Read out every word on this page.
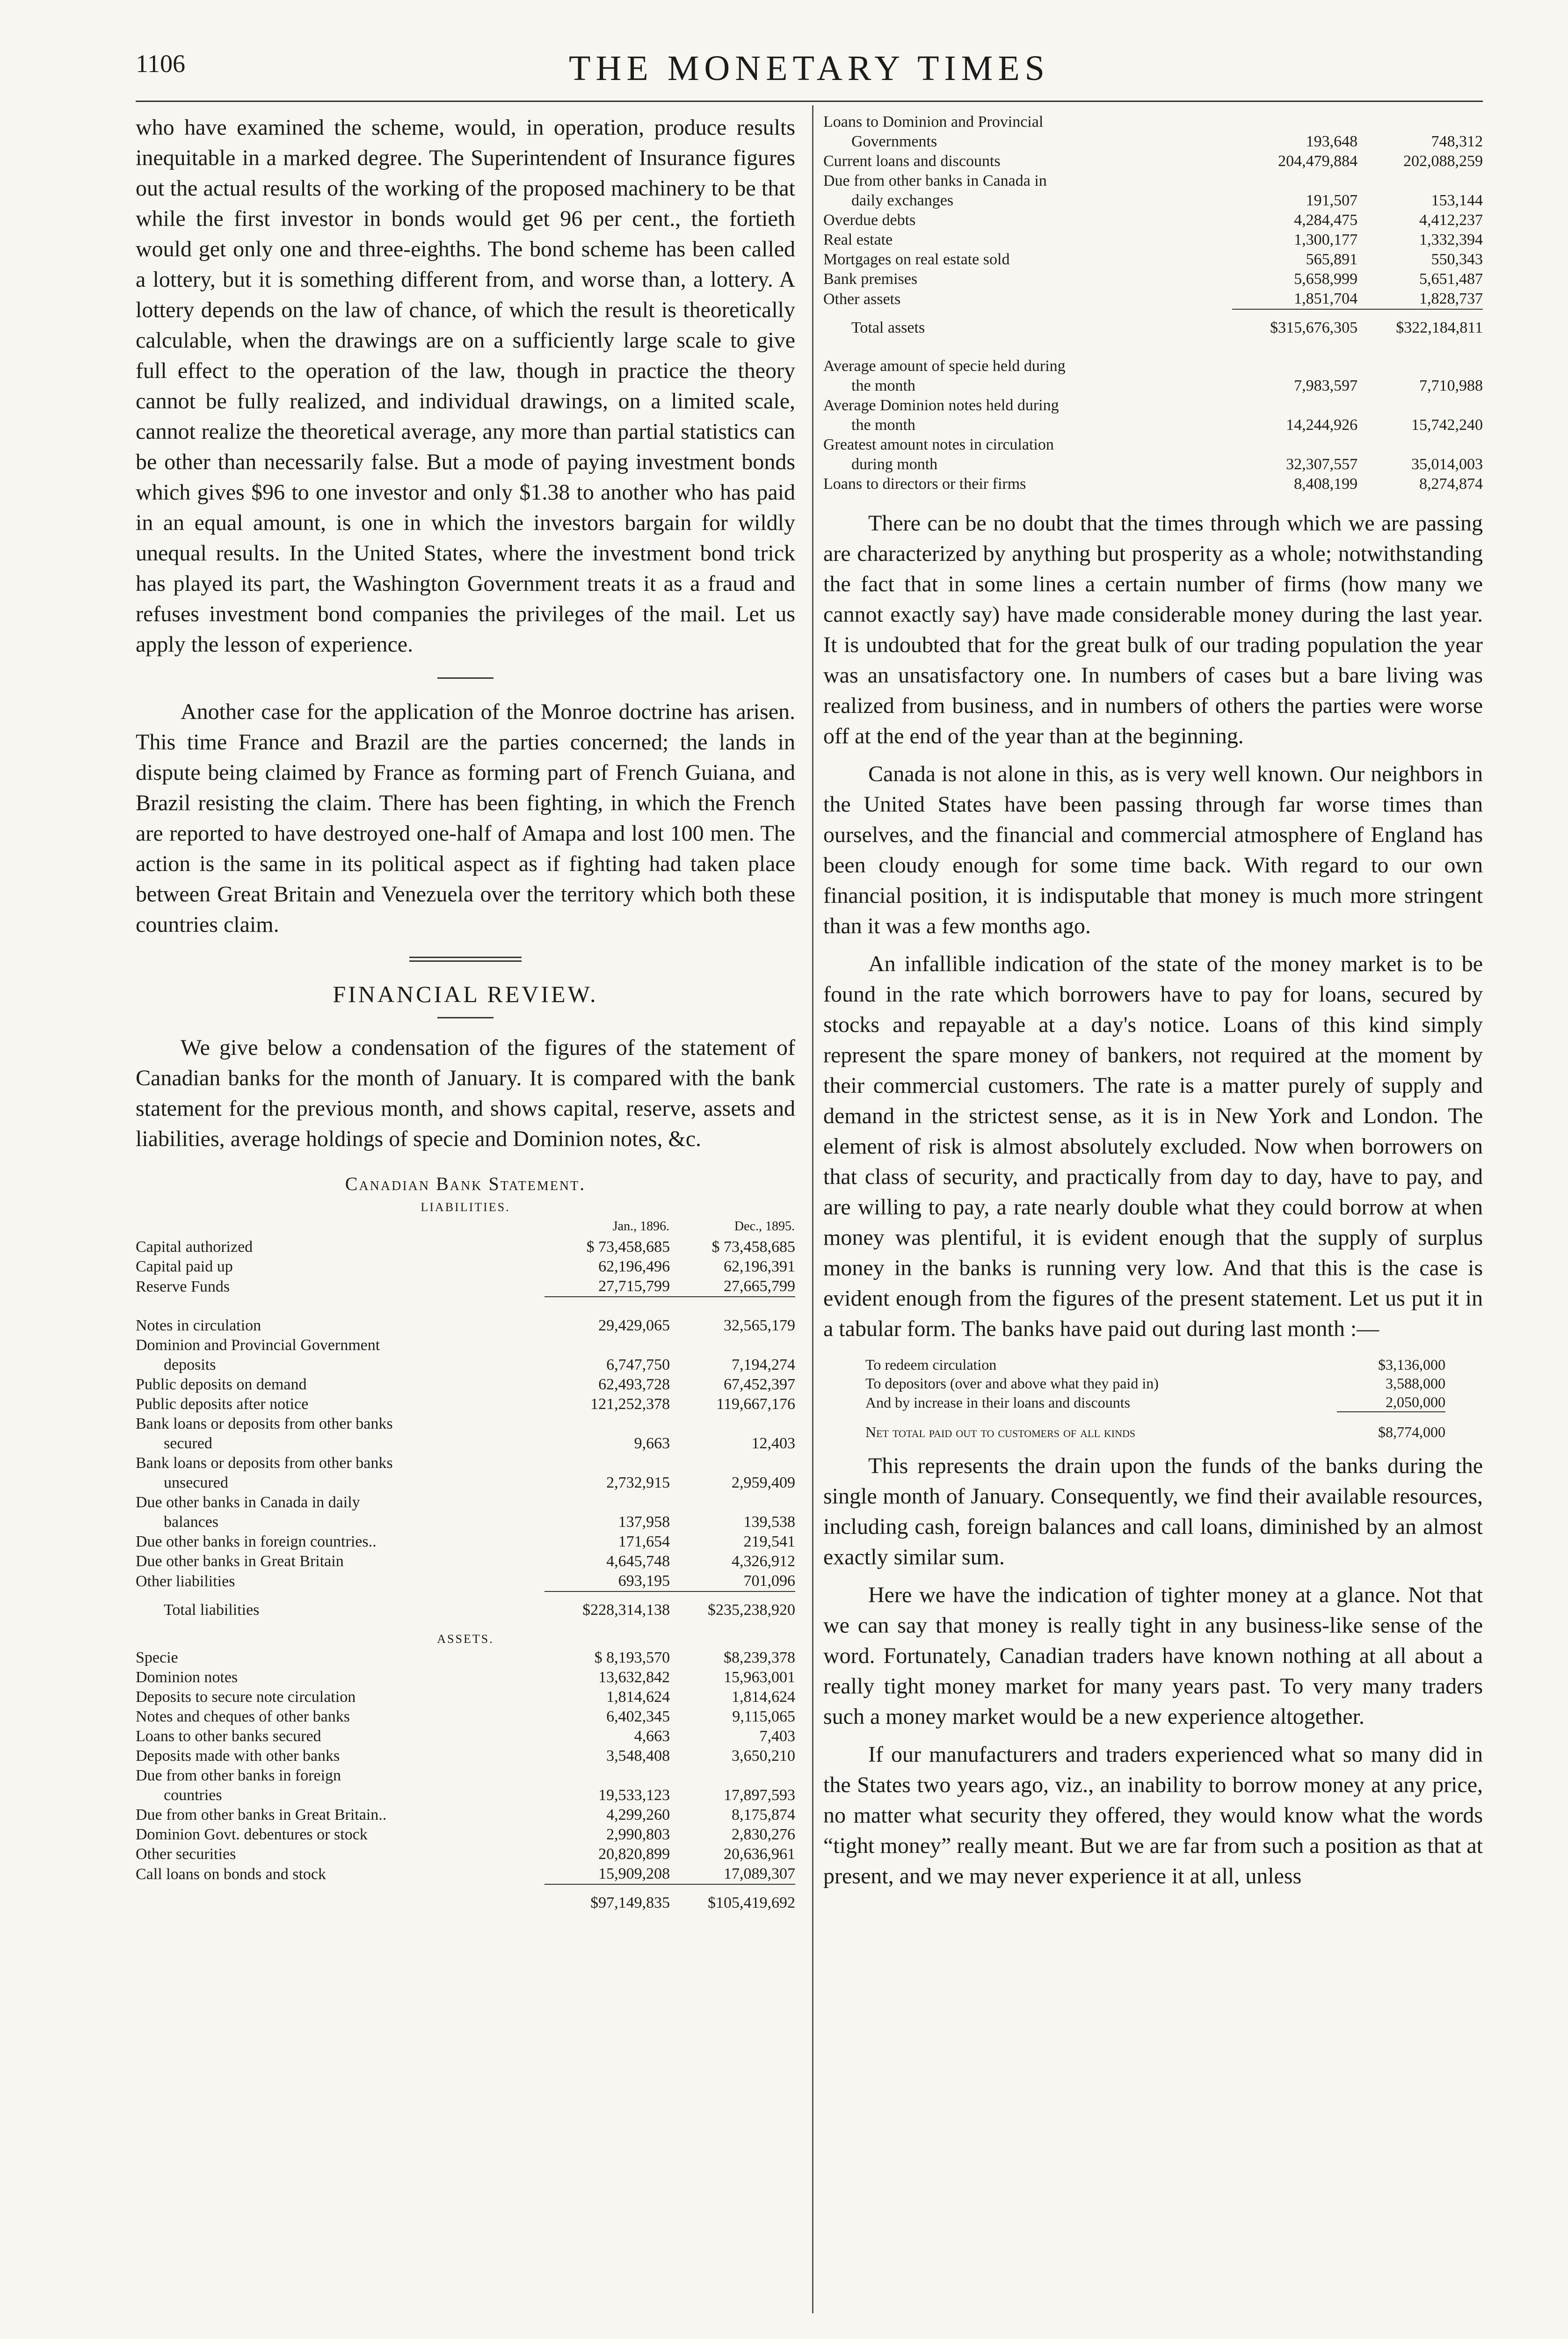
1106	THE MONETARY TIMES

who have examined the scheme, would, in operation, produce results inequitable in a marked degree. The Superintendent of Insurance figures out the actual results of the working of the proposed machinery to be that while the first investor in bonds would get 96 per cent., the fortieth would get only one and three-eighths. The bond scheme has been called a lottery, but it is something different from, and worse than, a lottery. A lottery depends on the law of chance, of which the result is theoretically calculable, when the drawings are on a sufficiently large scale to give full effect to the operation of the law, though in practice the theory cannot be fully realized, and individual drawings, on a limited scale, cannot realize the theoretical average, any more than partial statistics can be other than necessarily false. But a mode of paying investment bonds which gives $96 to one investor and only $1.38 to another who has paid in an equal amount, is one in which the investors bargain for wildly unequal results. In the United States, where the investment bond trick has played its part, the Washington Government treats it as a fraud and refuses investment bond companies the privileges of the mail. Let us apply the lesson of experience.

Another case for the application of the Monroe doctrine has arisen. This time France and Brazil are the parties concerned; the lands in dispute being claimed by France as forming part of French Guiana, and Brazil resisting the claim. There has been fighting, in which the French are reported to have destroyed one-half of Amapa and lost 100 men. The action is the same in its political aspect as if fighting had taken place between Great Britain and Venezuela over the territory which both these countries claim.

FINANCIAL REVIEW.

We give below a condensation of the figures of the statement of Canadian banks for the month of January. It is compared with the bank statement for the previous month, and shows capital, reserve, assets and liabilities, average holdings of specie and Dominion notes, &c.

Canadian Bank Statement.
LIABILITIES.
	Jan., 1896.	Dec., 1895.
Capital authorized	$ 73,458,685	$ 73,458,685
Capital paid up	62,196,496	62,196,391
Reserve Funds	27,715,799	27,665,799

Notes in circulation	29,429,065	32,565,179
Dominion and Provincial Government		
deposits	6,747,750	7,194,274
Public deposits on demand	62,493,728	67,452,397
Public deposits after notice	121,252,378	119,667,176
Bank loans or deposits from other banks		
secured	9,663	12,403
Bank loans or deposits from other banks		
unsecured	2,732,915	2,959,409
Due other banks in Canada in daily		
balances	137,958	139,538
Due other banks in foreign countries..	171,654	219,541
Due other banks in Great Britain	4,645,748	4,326,912
Other liabilities	693,195	701,096
Total liabilities	$228,314,138	$235,238,920
ASSETS.
Specie	$ 8,193,570	$8,239,378
Dominion notes	13,632,842	15,963,001
Deposits to secure note circulation	1,814,624	1,814,624
Notes and cheques of other banks	6,402,345	9,115,065
Loans to other banks secured	4,663	7,403
Deposits made with other banks	3,548,408	3,650,210
Due from other banks in foreign		
countries	19,533,123	17,897,593
Due from other banks in Great Britain..	4,299,260	8,175,874
Dominion Govt. debentures or stock	2,990,803	2,830,276
Other securities	20,820,899	20,636,961
Call loans on bonds and stock	15,909,208	17,089,307
	$97,149,835	$105,419,692
Loans to Dominion and Provincial		
Governments	193,648	748,312
Current loans and discounts	204,479,884	202,088,259
Due from other banks in Canada in		
daily exchanges	191,507	153,144
Overdue debts	4,284,475	4,412,237
Real estate	1,300,177	1,332,394
Mortgages on real estate sold	565,891	550,343
Bank premises	5,658,999	5,651,487
Other assets	1,851,704	1,828,737
Total assets	$315,676,305	$322,184,811

Average amount of specie held during		
the month	7,983,597	7,710,988
Average Dominion notes held during		
the month	14,244,926	15,742,240
Greatest amount notes in circulation		
during month	32,307,557	35,014,003
Loans to directors or their firms	8,408,199	8,274,874

There can be no doubt that the times through which we are passing are characterized by anything but prosperity as a whole; notwithstanding the fact that in some lines a certain number of firms (how many we cannot exactly say) have made considerable money during the last year. It is undoubted that for the great bulk of our trading population the year was an unsatisfactory one. In numbers of cases but a bare living was realized from business, and in numbers of others the parties were worse off at the end of the year than at the beginning.

Canada is not alone in this, as is very well known. Our neighbors in the United States have been passing through far worse times than ourselves, and the financial and commercial atmosphere of England has been cloudy enough for some time back. With regard to our own financial position, it is indisputable that money is much more stringent than it was a few months ago.

An infallible indication of the state of the money market is to be found in the rate which borrowers have to pay for loans, secured by stocks and repayable at a day's notice. Loans of this kind simply represent the spare money of bankers, not required at the moment by their commercial customers. The rate is a matter purely of supply and demand in the strictest sense, as it is in New York and London. The element of risk is almost absolutely excluded. Now when borrowers on that class of security, and practically from day to day, have to pay, and are willing to pay, a rate nearly double what they could borrow at when money was plentiful, it is evident enough that the supply of surplus money in the banks is running very low. And that this is the case is evident enough from the figures of the present statement. Let us put it in a tabular form. The banks have paid out during last month :—

To redeem circulation	$3,136,000
To depositors (over and above what they paid in)	3,588,000
And by increase in their loans and discounts	2,050,000
Net total paid out to customers of all kinds	$8,774,000

This represents the drain upon the funds of the banks during the single month of January. Consequently, we find their available resources, including cash, foreign balances and call loans, diminished by an almost exactly similar sum.

Here we have the indication of tighter money at a glance. Not that we can say that money is really tight in any business-like sense of the word. Fortunately, Canadian traders have known nothing at all about a really tight money market for many years past. To very many traders such a money market would be a new experience altogether.

If our manufacturers and traders experienced what so many did in the States two years ago, viz., an inability to borrow money at any price, no matter what security they offered, they would know what the words “tight money” really meant. But we are far from such a position as that at present, and we may never experience it at all, unless
